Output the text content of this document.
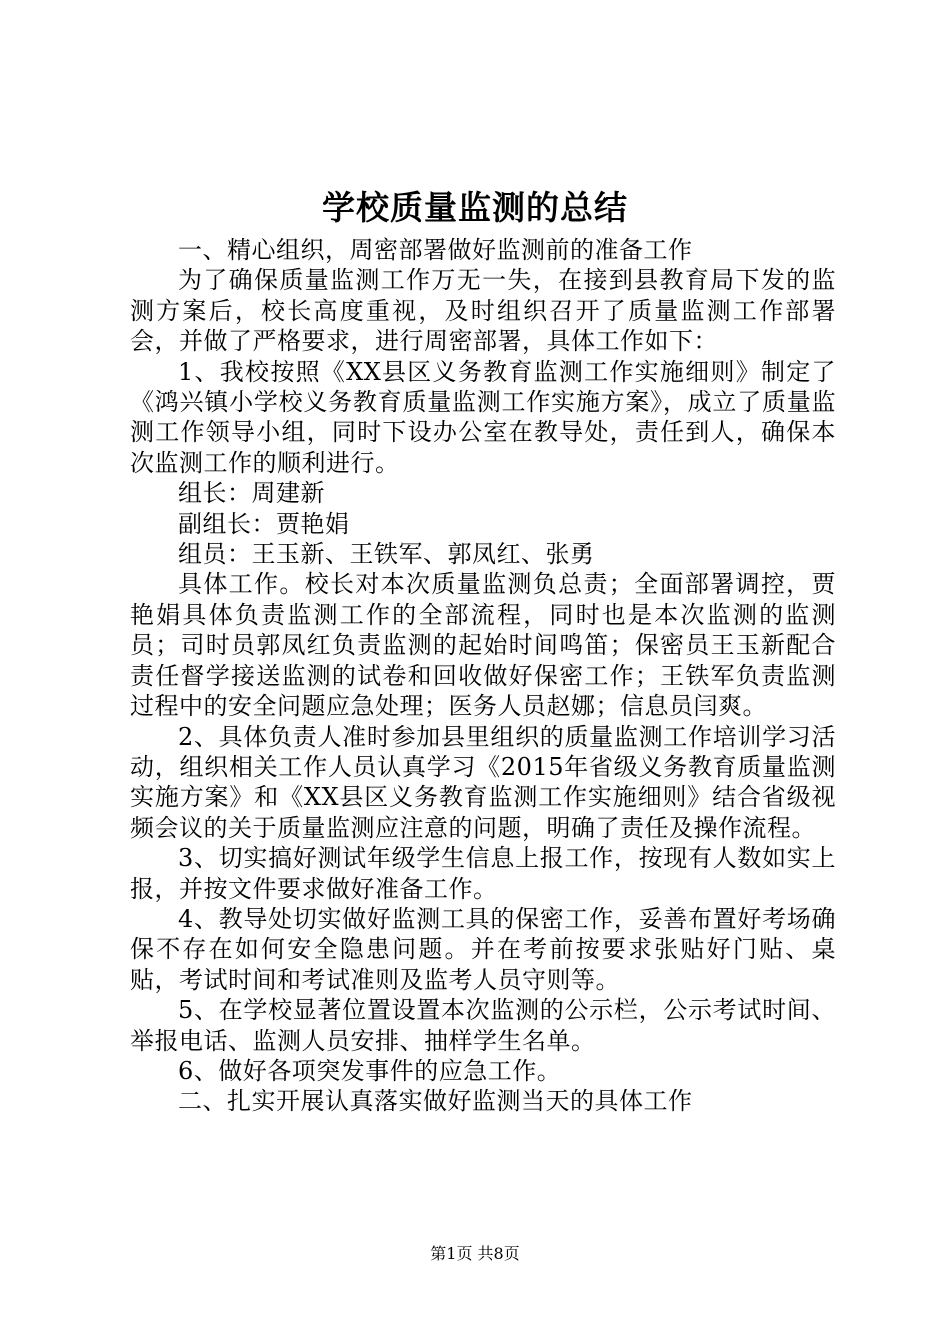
学校质量监测的总结

一、精心组织，周密部署做好监测前的准备工作

为了确保质量监测工作万无一失，在接到县教育局下发的监测方案后，校长高度重视，及时组织召开了质量监测工作部署会，并做了严格要求，进行周密部署，具体工作如下：

1、我校按照《XX县区义务教育监测工作实施细则》制定了《鸿兴镇小学校义务教育质量监测工作实施方案》，成立了质量监测工作领导小组，同时下设办公室在教导处，责任到人，确保本次监测工作的顺利进行。

组长：周建新

副组长：贾艳娟

组员：王玉新、王铁军、郭凤红、张勇

具体工作。校长对本次质量监测负总责；全面部署调控，贾艳娟具体负责监测工作的全部流程，同时也是本次监测的监测员；司时员郭凤红负责监测的起始时间鸣笛；保密员王玉新配合责任督学接送监测的试卷和回收做好保密工作；王铁军负责监测过程中的安全问题应急处理；医务人员赵娜；信息员闫爽。

2、具体负责人准时参加县里组织的质量监测工作培训学习活动，组织相关工作人员认真学习《2015年省级义务教育质量监测实施方案》和《XX县区义务教育监测工作实施细则》结合省级视频会议的关于质量监测应注意的问题，明确了责任及操作流程。

3、切实搞好测试年级学生信息上报工作，按现有人数如实上报，并按文件要求做好准备工作。

4、教导处切实做好监测工具的保密工作，妥善布置好考场确保不存在如何安全隐患问题。并在考前按要求张贴好门贴、桌贴，考试时间和考试准则及监考人员守则等。

5、在学校显著位置设置本次监测的公示栏，公示考试时间、举报电话、监测人员安排、抽样学生名单。

6、做好各项突发事件的应急工作。

二、扎实开展认真落实做好监测当天的具体工作

第1页 共8页
